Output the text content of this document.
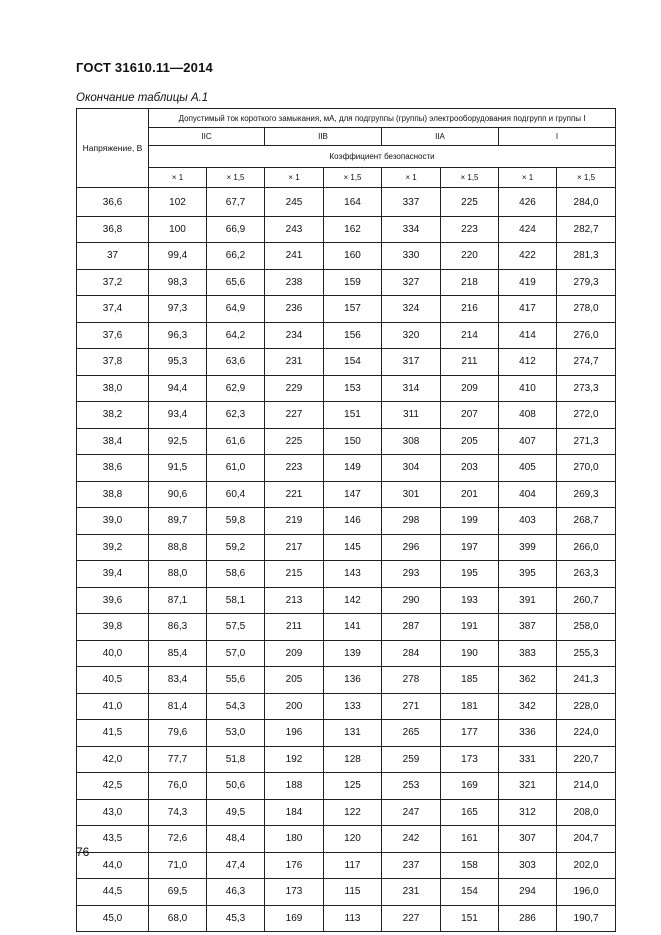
ГОСТ 31610.11—2014
Окончание таблицы А.1
Напряжение, В	Допустимый ток короткого замыкания, мА, для подгруппы (группы) электрооборудования подгрупп и группы I							
	IIC		IIB		IIA		I	
	Коэффициент безопасности							
	× 1	× 1,5	× 1	× 1,5	× 1	× 1,5	× 1	× 1,5
36,6	102	67,7	245	164	337	225	426	284,0
36,8	100	66,9	243	162	334	223	424	282,7
37	99,4	66,2	241	160	330	220	422	281,3
37,2	98,3	65,6	238	159	327	218	419	279,3
37,4	97,3	64,9	236	157	324	216	417	278,0
37,6	96,3	64,2	234	156	320	214	414	276,0
37,8	95,3	63,6	231	154	317	211	412	274,7
38,0	94,4	62,9	229	153	314	209	410	273,3
38,2	93,4	62,3	227	151	311	207	408	272,0
38,4	92,5	61,6	225	150	308	205	407	271,3
38,6	91,5	61,0	223	149	304	203	405	270,0
38,8	90,6	60,4	221	147	301	201	404	269,3
39,0	89,7	59,8	219	146	298	199	403	268,7
39,2	88,8	59,2	217	145	296	197	399	266,0
39,4	88,0	58,6	215	143	293	195	395	263,3
39,6	87,1	58,1	213	142	290	193	391	260,7
39,8	86,3	57,5	211	141	287	191	387	258,0
40,0	85,4	57,0	209	139	284	190	383	255,3
40,5	83,4	55,6	205	136	278	185	362	241,3
41,0	81,4	54,3	200	133	271	181	342	228,0
41,5	79,6	53,0	196	131	265	177	336	224,0
42,0	77,7	51,8	192	128	259	173	331	220,7
42,5	76,0	50,6	188	125	253	169	321	214,0
43,0	74,3	49,5	184	122	247	165	312	208,0
43,5	72,6	48,4	180	120	242	161	307	204,7
44,0	71,0	47,4	176	117	237	158	303	202,0
44,5	69,5	46,3	173	115	231	154	294	196,0
45,0	68,0	45,3	169	113	227	151	286	190,7
76
